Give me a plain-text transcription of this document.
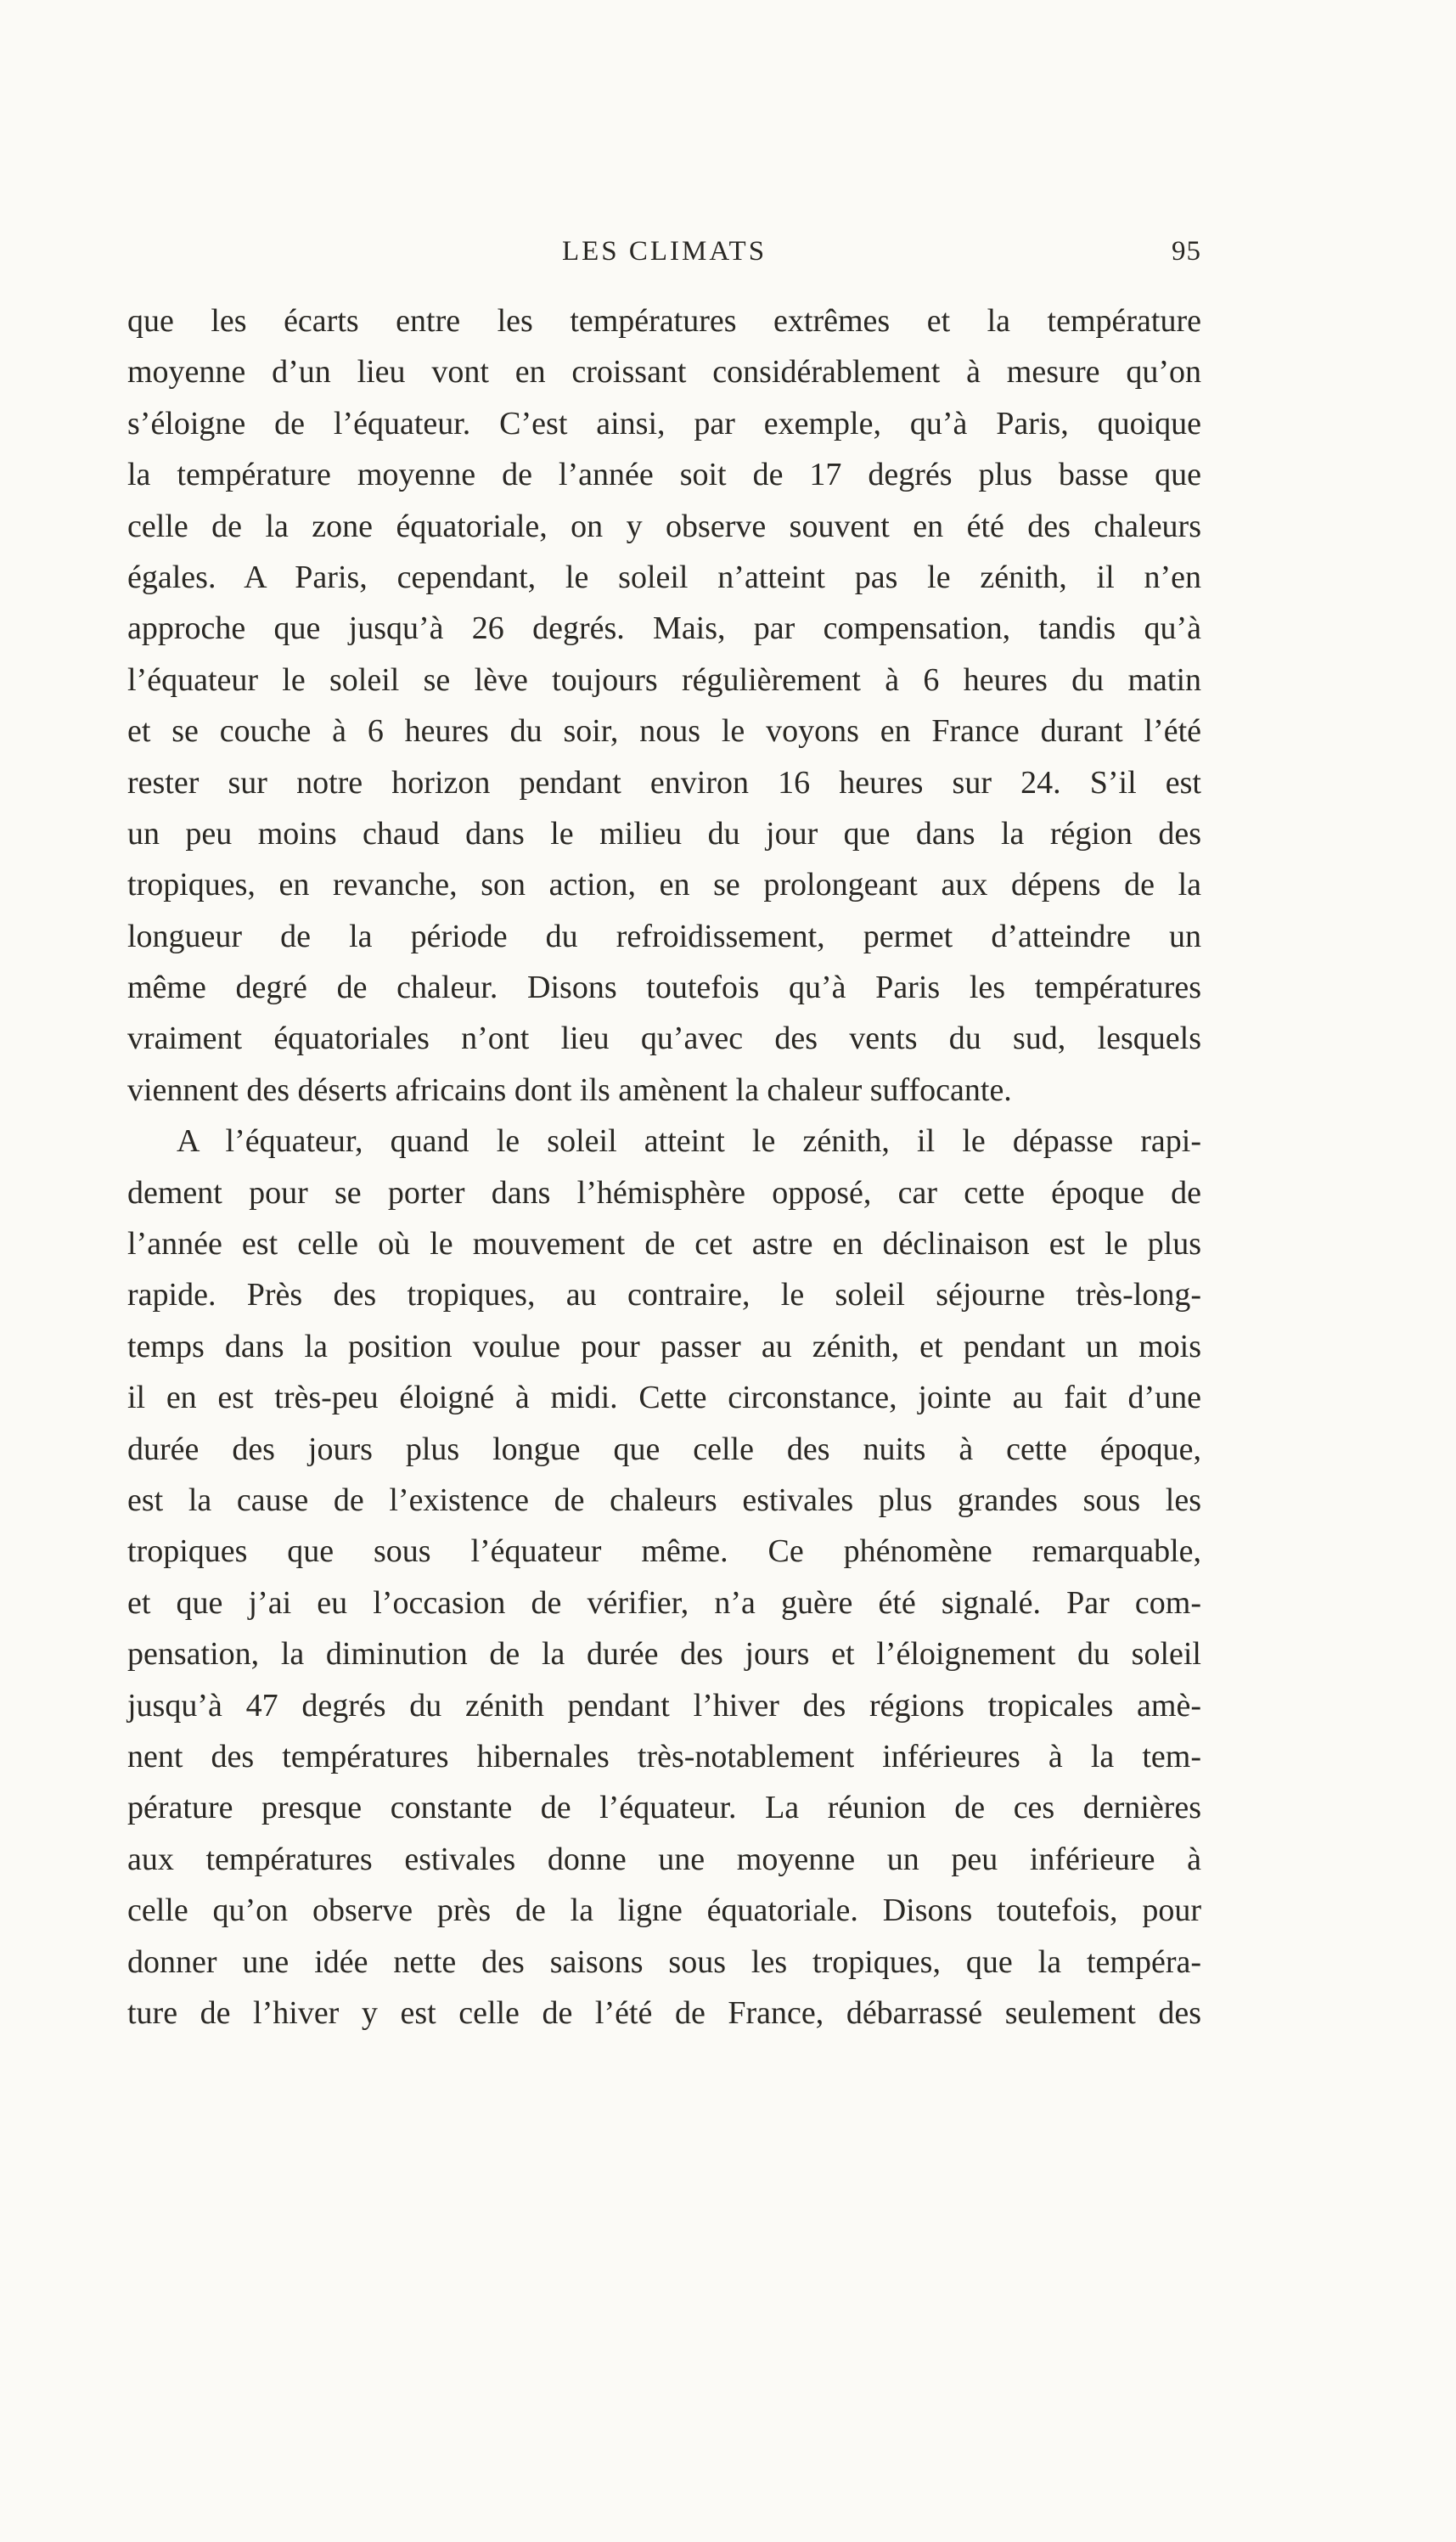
LES CLIMATS	95
que les écarts entre les températures extrêmes et la température
moyenne d’un lieu vont en croissant considérablement à mesure qu’on
s’éloigne de l’équateur. C’est ainsi, par exemple, qu’à Paris, quoique
la température moyenne de l’année soit de 17 degrés plus basse que
celle de la zone équatoriale, on y observe souvent en été des chaleurs
égales. A Paris, cependant, le soleil n’atteint pas le zénith, il n’en
approche que jusqu’à 26 degrés. Mais, par compensation, tandis qu’à
l’équateur le soleil se lève toujours régulièrement à 6 heures du matin
et se couche à 6 heures du soir, nous le voyons en France durant l’été
rester sur notre horizon pendant environ 16 heures sur 24. S’il est
un peu moins chaud dans le milieu du jour que dans la région des
tropiques, en revanche, son action, en se prolongeant aux dépens de la
longueur de la période du refroidissement, permet d’atteindre un
même degré de chaleur. Disons toutefois qu’à Paris les températures
vraiment équatoriales n’ont lieu qu’avec des vents du sud, lesquels
viennent des déserts africains dont ils amènent la chaleur suffocante.
A l’équateur, quand le soleil atteint le zénith, il le dépasse rapi-
dement pour se porter dans l’hémisphère opposé, car cette époque de
l’année est celle où le mouvement de cet astre en déclinaison est le plus
rapide. Près des tropiques, au contraire, le soleil séjourne très-long-
temps dans la position voulue pour passer au zénith, et pendant un mois
il en est très-peu éloigné à midi. Cette circonstance, jointe au fait d’une
durée des jours plus longue que celle des nuits à cette époque,
est la cause de l’existence de chaleurs estivales plus grandes sous les
tropiques que sous l’équateur même. Ce phénomène remarquable,
et que j’ai eu l’occasion de vérifier, n’a guère été signalé. Par com-
pensation, la diminution de la durée des jours et l’éloignement du soleil
jusqu’à 47 degrés du zénith pendant l’hiver des régions tropicales amè-
nent des températures hibernales très-notablement inférieures à la tem-
pérature presque constante de l’équateur. La réunion de ces dernières
aux températures estivales donne une moyenne un peu inférieure à
celle qu’on observe près de la ligne équatoriale. Disons toutefois, pour
donner une idée nette des saisons sous les tropiques, que la tempéra-
ture de l’hiver y est celle de l’été de France, débarrassé seulement des
